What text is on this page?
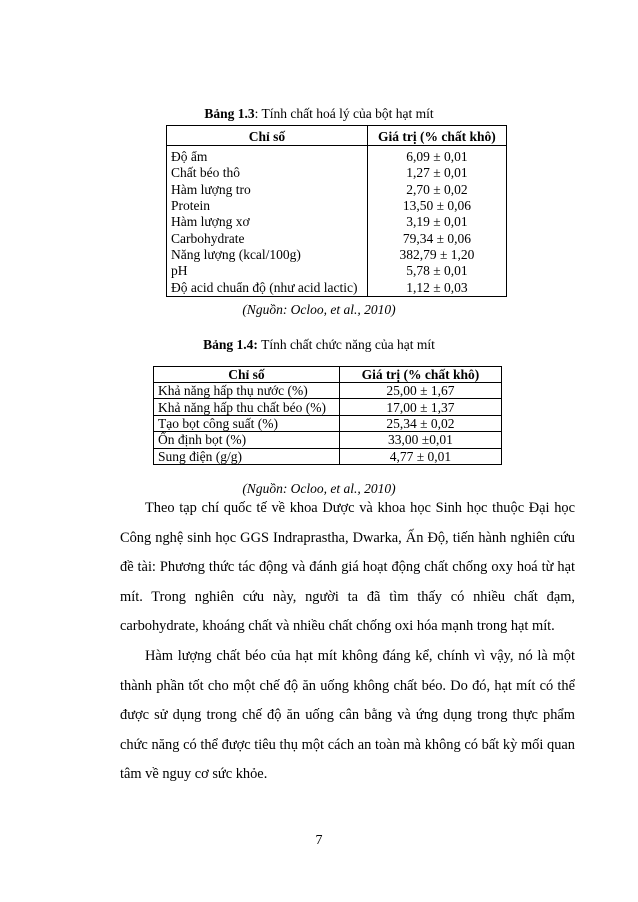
Bảng 1.3: Tính chất hoá lý của bột hạt mít
Chỉ số	Giá trị (% chất khô)
Độ ẩm	6,09 ± 0,01
Chất béo thô	1,27 ± 0,01
Hàm lượng tro	2,70 ± 0,02
Protein	13,50 ± 0,06
Hàm lượng xơ	3,19 ± 0,01
Carbohydrate	79,34 ± 0,06
Năng lượng (kcal/100g)	382,79 ± 1,20
pH	5,78 ± 0,01
Độ acid chuẩn độ (như acid lactic)	1,12 ± 0,03
(Nguồn: Ocloo, et al., 2010)
Bảng 1.4: Tính chất chức năng của hạt mít
Chỉ số	Giá trị (% chất khô)
Khả năng hấp thụ nước (%)	25,00 ± 1,67
Khả năng hấp thu chất béo (%)	17,00 ± 1,37
Tạo bọt công suất (%)	25,34 ± 0,02
Ổn định bọt (%)	33,00 ±0,01
Sung điện (g/g)	4,77 ± 0,01
(Nguồn: Ocloo, et al., 2010)

Theo tạp chí quốc tế về khoa Dược và khoa học Sinh học thuộc Đại học Công nghệ sinh học GGS Indraprastha, Dwarka, Ấn Độ, tiến hành nghiên cứu đề tài: Phương thức tác động và đánh giá hoạt động chất chống oxy hoá từ hạt mít. Trong nghiên cứu này, người ta đã tìm thấy có nhiều chất đạm, carbohydrate, khoáng chất và nhiều chất chống oxi hóa mạnh trong hạt mít.

Hàm lượng chất béo của hạt mít không đáng kể, chính vì vậy, nó là một thành phần tốt cho một chế độ ăn uống không chất béo. Do đó, hạt mít có thể được sử dụng trong chế độ ăn uống cân bằng và ứng dụng trong thực phẩm chức năng có thể được tiêu thụ một cách an toàn mà không có bất kỳ mối quan tâm về nguy cơ sức khỏe.

7
